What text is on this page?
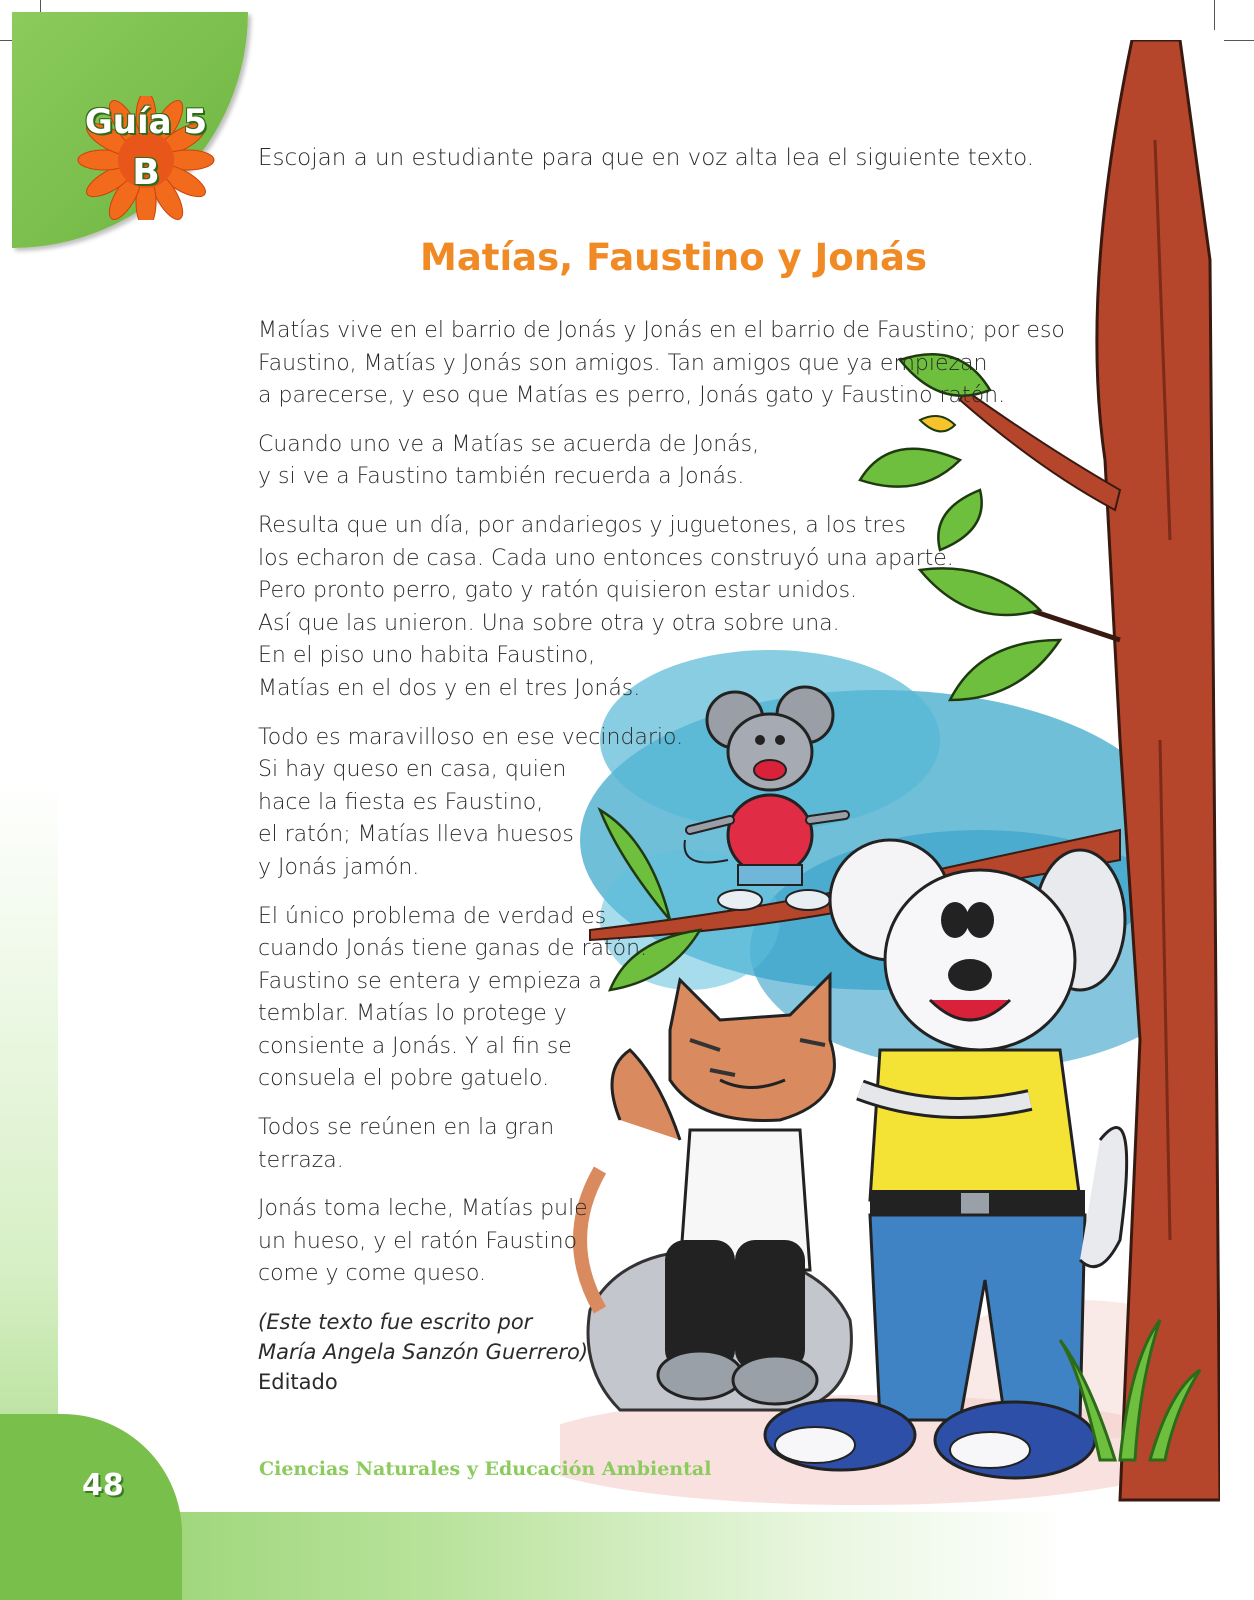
Guía 5
B	Escojan a un estudiante para que en voz alta lea el siguiente texto.
Matías, Faustino y Jonás
Matías vive en el barrio de Jonás y Jonás en el barrio de Faustino; por eso
Faustino, Matías y Jonás son amigos. Tan amigos que ya empiezan
a parecerse, y eso que Matías es perro, Jonás gato y Faustino ratón.
Cuando uno ve a Matías se acuerda de Jonás,
y si ve a Faustino también recuerda a Jonás.
Resulta que un día, por andariegos y juguetones, a los tres
los echaron de casa. Cada uno entonces construyó una aparte.
Pero pronto perro, gato y ratón quisieron estar unidos.
Así que las unieron. Una sobre otra y otra sobre una.
En el piso uno habita Faustino,
Matías en el dos y en el tres Jonás.
Todo es maravilloso en ese vecindario.
Si hay queso en casa, quien
hace la fiesta es Faustino,
el ratón; Matías lleva huesos
y Jonás jamón.
El único problema de verdad es
cuando Jonás tiene ganas de ratón.
Faustino se entera y empieza a
temblar. Matías lo protege y
consiente a Jonás. Y al fin se
consuela el pobre gatuelo.
Todos se reúnen en la gran
terraza.
Jonás toma leche, Matías pule
un hueso, y el ratón Faustino
come y come queso.
(Este texto fue escrito por
María Angela Sanzón Guerrero)
Editado
Ciencias Naturales y Educación Ambiental
48
